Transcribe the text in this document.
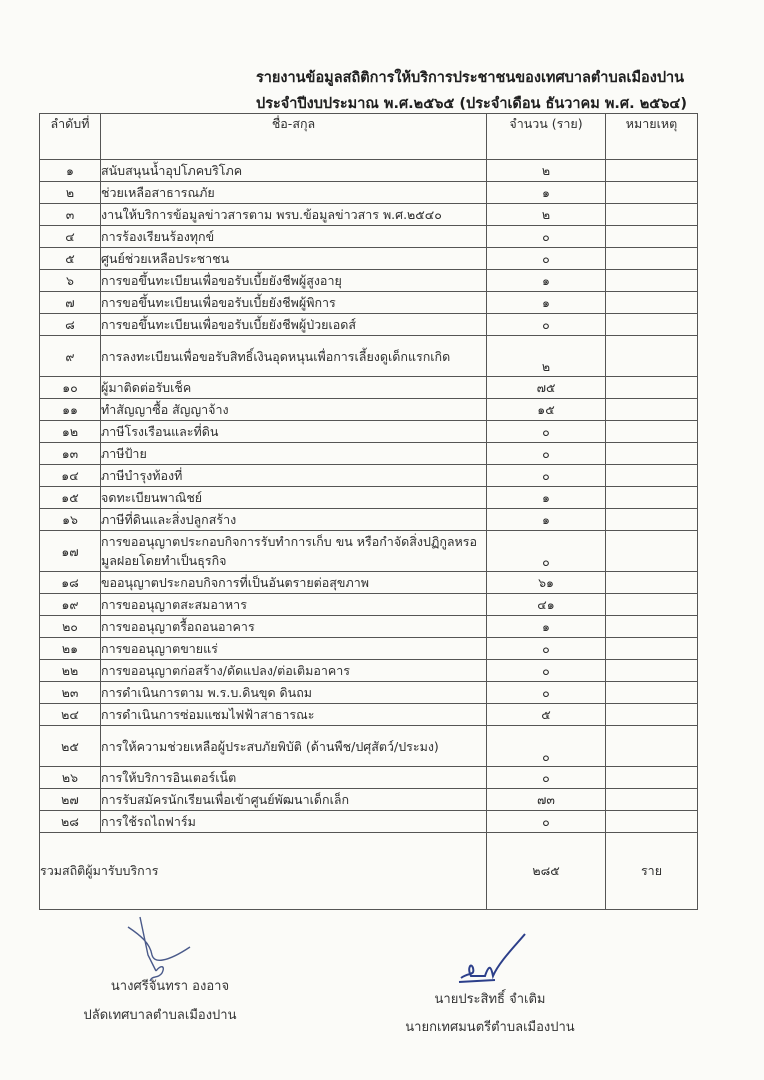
รายงานข้อมูลสถิติการให้บริการประชาชนของเทศบาลตำบลเมืองปาน
ประจำปีงบประมาณ พ.ศ.๒๕๖๕ (ประจำเดือน ธันวาคม พ.ศ. ๒๕๖๔)
ลำดับที่	ชื่อ-สกุล	จำนวน (ราย)	หมายเหตุ
๑	สนับสนุนน้ำอุปโภคบริโภค	๒	
๒	ช่วยเหลือสาธารณภัย	๑	
๓	งานให้บริการข้อมูลข่าวสารตาม พรบ.ข้อมูลข่าวสาร พ.ศ.๒๕๔๐	๒	
๔	การร้องเรียนร้องทุกข์	๐	
๕	ศูนย์ช่วยเหลือประชาชน	๐	
๖	การขอขึ้นทะเบียนเพื่อขอรับเบี้ยยังชีพผู้สูงอายุ	๑	
๗	การขอขึ้นทะเบียนเพื่อขอรับเบี้ยยังชีพผู้พิการ	๑	
๘	การขอขึ้นทะเบียนเพื่อขอรับเบี้ยยังชีพผู้ป่วยเอดส์	๐	
๙	การลงทะเบียนเพื่อขอรับสิทธิ์เงินอุดหนุนเพื่อการเลี้ยงดูเด็กแรกเกิด	๒	
๑๐	ผู้มาติดต่อรับเช็ค	๗๕	
๑๑	ทำสัญญาซื้อ สัญญาจ้าง	๑๕	
๑๒	ภาษีโรงเรือนและที่ดิน	๐	
๑๓	ภาษีป้าย	๐	
๑๔	ภาษีบำรุงท้องที่	๐	
๑๕	จดทะเบียนพาณิชย์	๑	
๑๖	ภาษีที่ดินและสิ่งปลูกสร้าง	๑	
๑๗	การขออนุญาตประกอบกิจการรับทำการเก็บ ขน หรือกำจัดสิ่งปฏิกูลหรอมูลฝอยโดยทำเป็นธุรกิจ	๐	
๑๘	ขออนุญาตประกอบกิจการที่เป็นอันตรายต่อสุขภาพ	๖๑	
๑๙	การขออนุญาตสะสมอาหาร	๔๑	
๒๐	การขออนุญาตรื้อถอนอาคาร	๑	
๒๑	การขออนุญาตขายแร่	๐	
๒๒	การขออนุญาตก่อสร้าง/ดัดแปลง/ต่อเติมอาคาร	๐	
๒๓	การดำเนินการตาม พ.ร.บ.ดินขุด ดินถม	๐	
๒๔	การดำเนินการซ่อมแซมไฟฟ้าสาธารณะ	๕	
๒๕	การให้ความช่วยเหลือผู้ประสบภัยพิบัติ (ด้านพืช/ปศุสัตว์/ประมง)	๐	
๒๖	การให้บริการอินเตอร์เน็ต	๐	
๒๗	การรับสมัครนักเรียนเพื่อเข้าศูนย์พัฒนาเด็กเล็ก	๗๓	
๒๘	การใช้รถไถฟาร์ม	๐	
รวมสถิติผู้มารับบริการ		๒๘๕	ราย
นางศรีจันทรา องอาจ
ปลัดเทศบาลตำบลเมืองปาน
นายประสิทธิ์ จำเติม
นายกเทศมนตรีตำบลเมืองปาน
